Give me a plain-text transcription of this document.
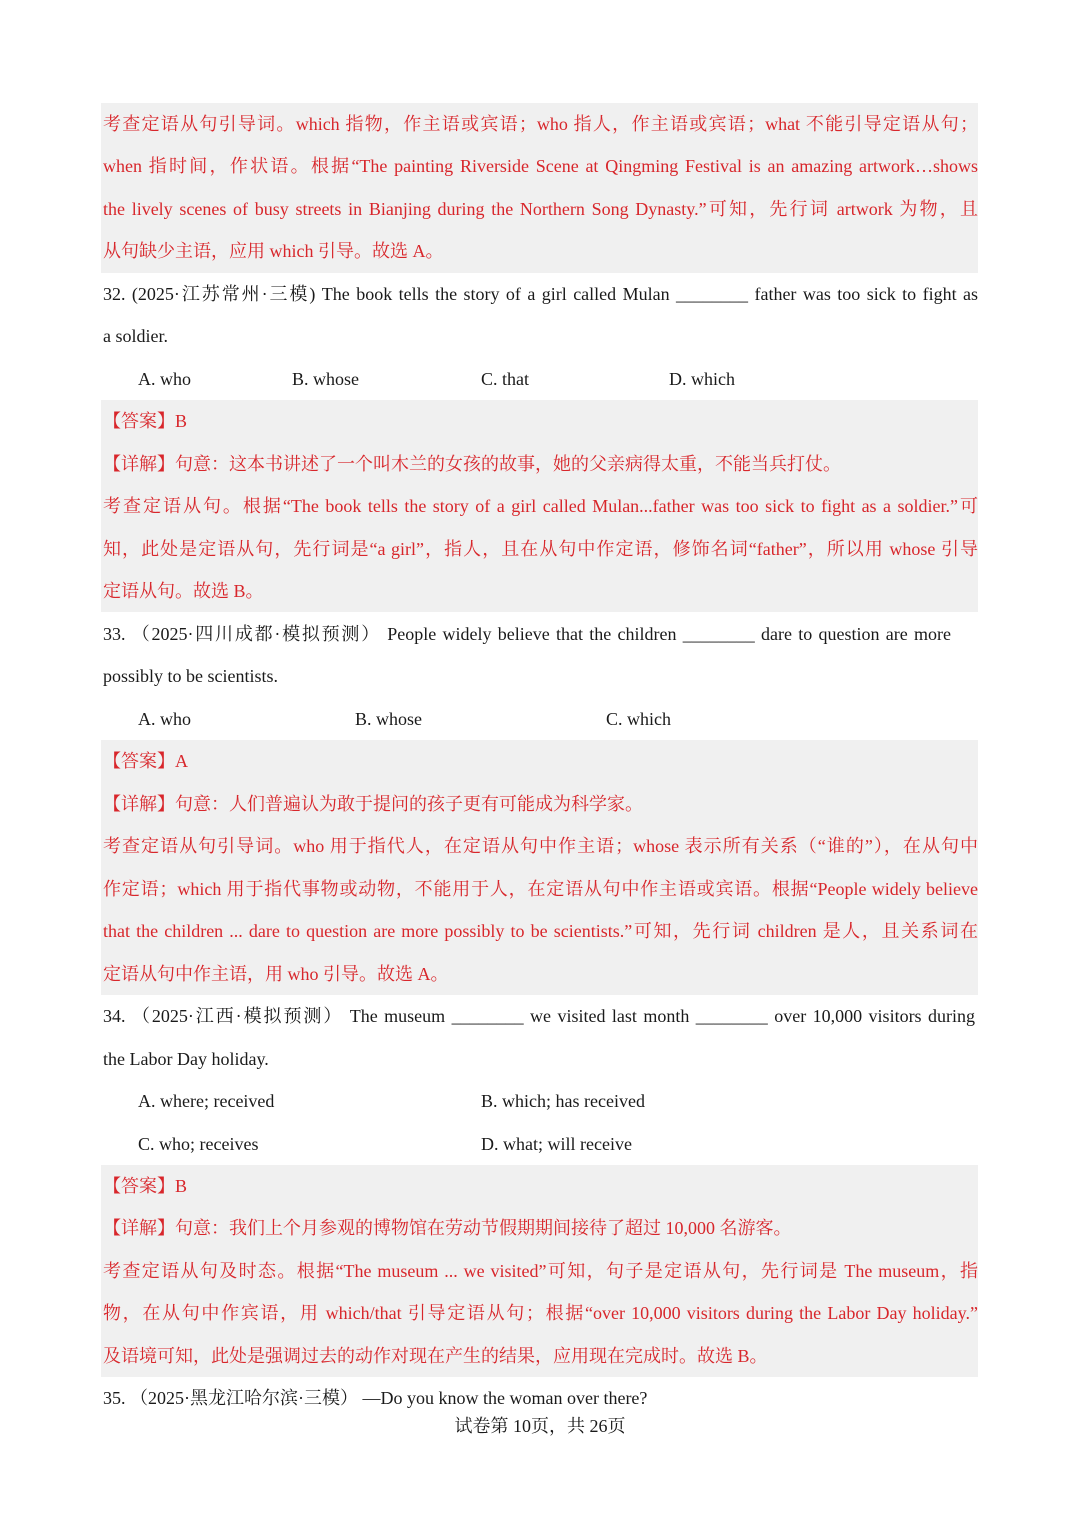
考查定语从句引导词。which 指物，作主语或宾语；who 指人，作主语或宾语；what 不能引导定语从句；
when 指时间，作状语。根据“The painting Riverside Scene at Qingming Festival is an amazing artwork…shows
the lively scenes of busy streets in Bianjing during the Northern Song Dynasty.”可知，先行词 artwork 为物，且
从句缺少主语，应用 which 引导。故选 A。
32. (2025·江苏常州·三模) The book tells the story of a girl called Mulan ________ father was too sick to fight as
a soldier.
A. who	B. whose	C. that	D. which
【答案】B
【详解】句意：这本书讲述了一个叫木兰的女孩的故事，她的父亲病得太重，不能当兵打仗。
考查定语从句。根据“The book tells the story of a girl called Mulan...father was too sick to fight as a soldier.”可
知，此处是定语从句，先行词是“a girl”，指人，且在从句中作定语，修饰名词“father”，所以用 whose 引导
定语从句。故选 B。
33. （2025·四川成都·模拟预测） People widely believe that the children ________ dare to question are more
possibly to be scientists.
A. who	B. whose	C. which
【答案】A
【详解】句意：人们普遍认为敢于提问的孩子更有可能成为科学家。
考查定语从句引导词。who 用于指代人，在定语从句中作主语；whose 表示所有关系（“谁的”），在从句中
作定语；which 用于指代事物或动物，不能用于人，在定语从句中作主语或宾语。根据“People widely believe
that the children ... dare to question are more possibly to be scientists.”可知，先行词 children 是人，且关系词在
定语从句中作主语，用 who 引导。故选 A。
34. （2025·江西·模拟预测） The museum ________ we visited last month ________ over 10,000 visitors during
the Labor Day holiday.
A. where; received	B. which; has received
C. who; receives	D. what; will receive
【答案】B
【详解】句意：我们上个月参观的博物馆在劳动节假期期间接待了超过 10,000 名游客。
考查定语从句及时态。根据“The museum ... we visited”可知，句子是定语从句，先行词是 The museum，指
物，在从句中作宾语，用 which/that 引导定语从句；根据“over 10,000 visitors during the Labor Day holiday.”
及语境可知，此处是强调过去的动作对现在产生的结果，应用现在完成时。故选 B。
35. （2025·黑龙江哈尔滨·三模） —Do you know the woman over there?
试卷第 10页，共 26页
